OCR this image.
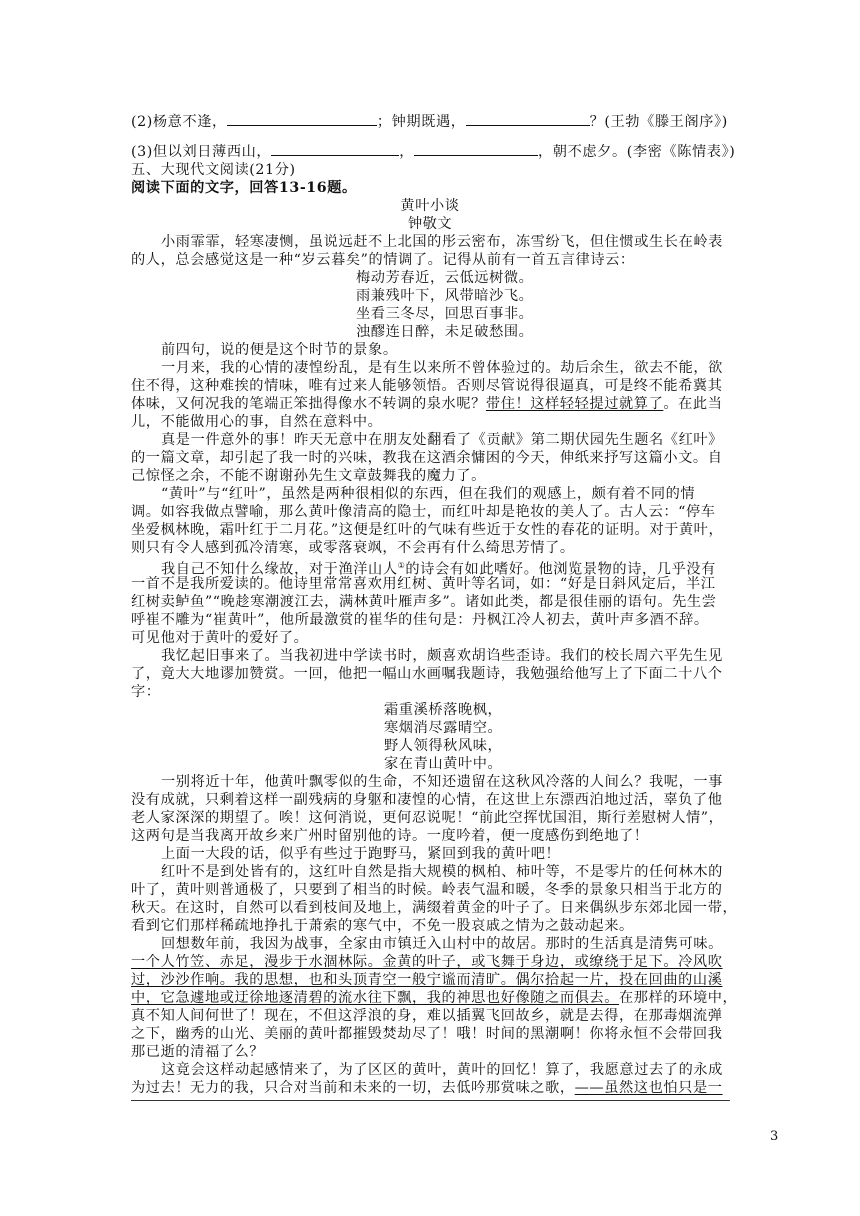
(2)杨意不逢，	；钟期既遇，	？(王勃《滕王阁序》)
(3)但以刘日薄西山，	，	，朝不虑夕。(李密《陈情表》)
五、大现代文阅读(21分)
阅读下面的文字，回答13-16题。
黄叶小谈
钟敬文
小雨霏霏，轻寒凄恻，虽说远赶不上北国的彤云密布，冻雪纷飞，但住惯或生长在岭表
的人，总会感觉这是一种“岁云暮矣”的情调了。记得从前有一首五言律诗云：
梅动芳春近，云低远树微。
雨兼残叶下，风带暗沙飞。
坐看三冬尽，回思百事非。
浊醪连日醉，未足破愁围。
前四句，说的便是这个时节的景象。
一月来，我的心情的凄惶纷乱，是有生以来所不曾体验过的。劫后余生，欲去不能，欲
住不得，这种难挨的情味，唯有过来人能够领悟。否则尽管说得很逼真，可是终不能希冀其
体味，又何况我的笔端正笨拙得像水不转调的泉水呢？带住！这样轻轻提过就算了。在此当
儿，不能做用心的事，自然在意料中。
真是一件意外的事！昨天无意中在朋友处翻看了《贡献》第二期伏园先生题名《红叶》
的一篇文章，却引起了我一时的兴味，教我在这酒余慵困的今天，伸纸来抒写这篇小文。自
己惊怪之余，不能不谢谢孙先生文章鼓舞我的魔力了。
“黄叶”与“红叶”，虽然是两种很相似的东西，但在我们的观感上，颇有着不同的情
调。如容我做点譬喻，那么黄叶像清高的隐士，而红叶却是艳妆的美人了。古人云：“停车
坐爱枫林晚，霜叶红于二月花。”这便是红叶的气味有些近于女性的春花的证明。对于黄叶，
则只有令人感到孤冷清寒，或零落衰飒，不会再有什么绮思芳情了。
我自己不知什么缘故，对于渔洋山人①的诗会有如此嗜好。他浏览景物的诗，几乎没有
一首不是我所爱读的。他诗里常常喜欢用红树、黄叶等名词，如：“好是日斜风定后，半江
红树卖鲈鱼”“晚趁寒潮渡江去，满林黄叶雁声多”。诸如此类，都是很佳丽的语句。先生尝
呼崔不雕为“崔黄叶”，他所最激赏的崔华的佳句是：丹枫江冷人初去，黄叶声多酒不辞。
可见他对于黄叶的爱好了。
我忆起旧事来了。当我初进中学读书时，颇喜欢胡诌些歪诗。我们的校长周六平先生见
了，竟大大地谬加赞赏。一回，他把一幅山水画嘱我题诗，我勉强给他写上了下面二十八个
字：
霜重溪桥落晚枫，
寒烟消尽露晴空。
野人领得秋风味，
家在青山黄叶中。
一别将近十年，他黄叶飘零似的生命，不知还遗留在这秋风冷落的人间么？我呢，一事
没有成就，只剩着这样一副残病的身躯和凄惶的心情，在这世上东漂西泊地过活，辜负了他
老人家深深的期望了。唉！这何消说，更何忍说呢！“前此空挥忧国泪，斯行差慰树人情”，
这两句是当我离开故乡来广州时留别他的诗。一度吟着，便一度感伤到绝地了！
上面一大段的话，似乎有些过于跑野马，紧回到我的黄叶吧！
红叶不是到处皆有的，这红叶自然是指大规模的枫柏、柿叶等，不是零片的任何林木的
叶了，黄叶则普通极了，只要到了相当的时候。岭表气温和暖，冬季的景象只相当于北方的
秋天。在这时，自然可以看到枝间及地上，满缀着黄金的叶子了。日来偶纵步东郊北园一带，
看到它们那样稀疏地挣扎于萧索的寒气中，不免一股哀戚之情为之鼓动起来。
回想数年前，我因为战事，全家由市镇迁入山村中的故居。那时的生活真是清隽可味。
一个人竹笠、赤足，漫步于水涸林际。金黄的叶子，或飞舞于身边，或缭绕于足下。冷风吹
过，沙沙作响。我的思想，也和头顶青空一般宁谧而清旷。偶尔拾起一片，投在回曲的山溪
中，它急遽地或迂徐地逐清碧的流水往下飘，我的神思也好像随之而俱去。在那样的环境中，
真不知人间何世了！现在，不但这浮浪的身，难以插翼飞回故乡，就是去得，在那毒烟流弹
之下，幽秀的山光、美丽的黄叶都摧毁焚劫尽了！哦！时间的黑潮啊！你将永恒不会带回我
那已逝的清福了么？
这竟会这样动起感情来了，为了区区的黄叶，黄叶的回忆！算了，我愿意过去了的永成
为过去！无力的我，只合对当前和未来的一切，去低吟那赏味之歌，——虽然这也怕只是一
3
